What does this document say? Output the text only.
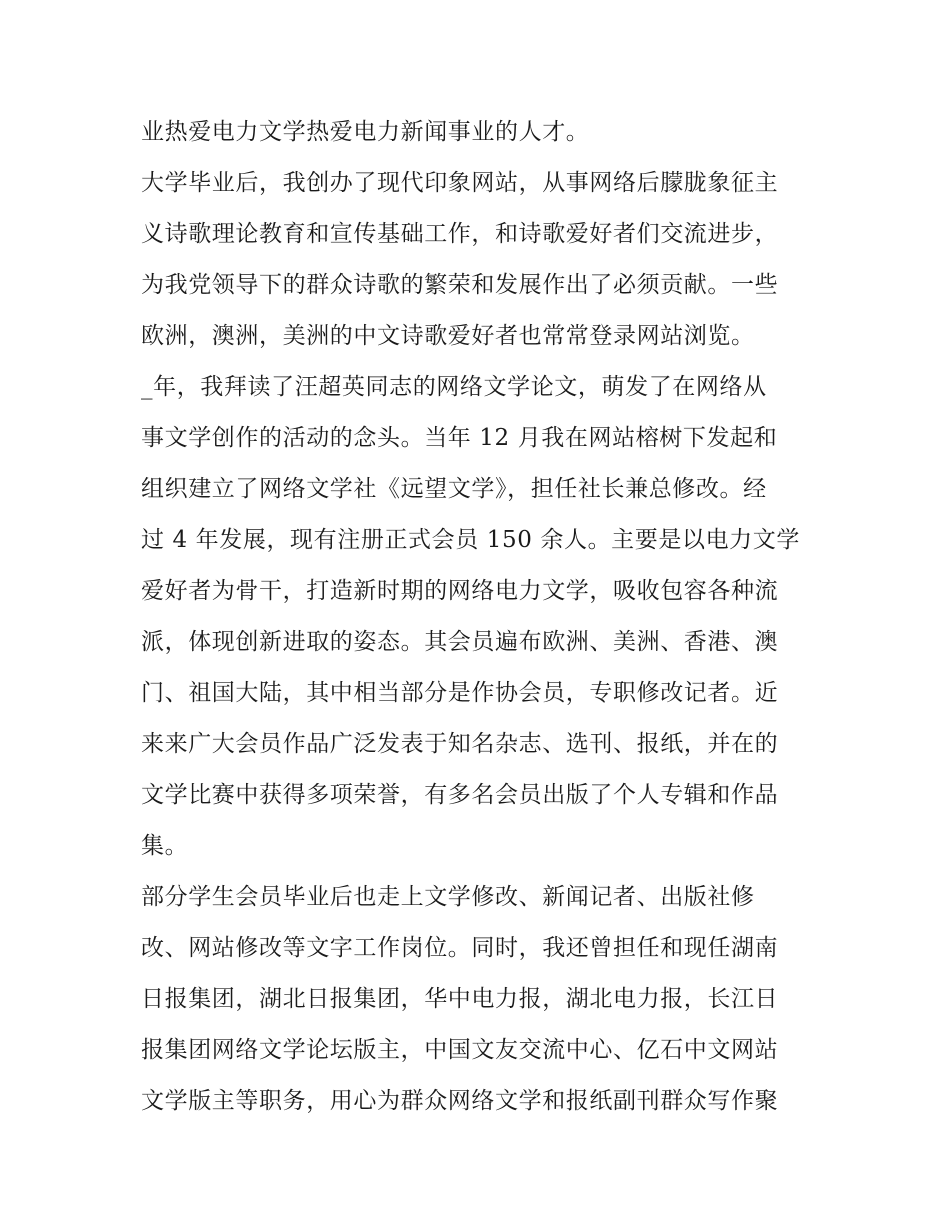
业热爱电力文学热爱电力新闻事业的人才。
大学毕业后，我创办了现代印象网站，从事网络后朦胧象征主
义诗歌理论教育和宣传基础工作，和诗歌爱好者们交流进步，
为我党领导下的群众诗歌的繁荣和发展作出了必须贡献。一些
欧洲，澳洲，美洲的中文诗歌爱好者也常常登录网站浏览。
_年，我拜读了汪超英同志的网络文学论文，萌发了在网络从
事文学创作的活动的念头。当年 12 月我在网站榕树下发起和
组织建立了网络文学社《远望文学》，担任社长兼总修改。经
过 4 年发展，现有注册正式会员 150 余人。主要是以电力文学
爱好者为骨干，打造新时期的网络电力文学，吸收包容各种流
派，体现创新进取的姿态。其会员遍布欧洲、美洲、香港、澳
门、祖国大陆，其中相当部分是作协会员，专职修改记者。近
来来广大会员作品广泛发表于知名杂志、选刊、报纸，并在的
文学比赛中获得多项荣誉，有多名会员出版了个人专辑和作品
集。
部分学生会员毕业后也走上文学修改、新闻记者、出版社修
改、网站修改等文字工作岗位。同时，我还曾担任和现任湖南
日报集团，湖北日报集团，华中电力报，湖北电力报，长江日
报集团网络文学论坛版主，中国文友交流中心、亿石中文网站
文学版主等职务，用心为群众网络文学和报纸副刊群众写作聚
